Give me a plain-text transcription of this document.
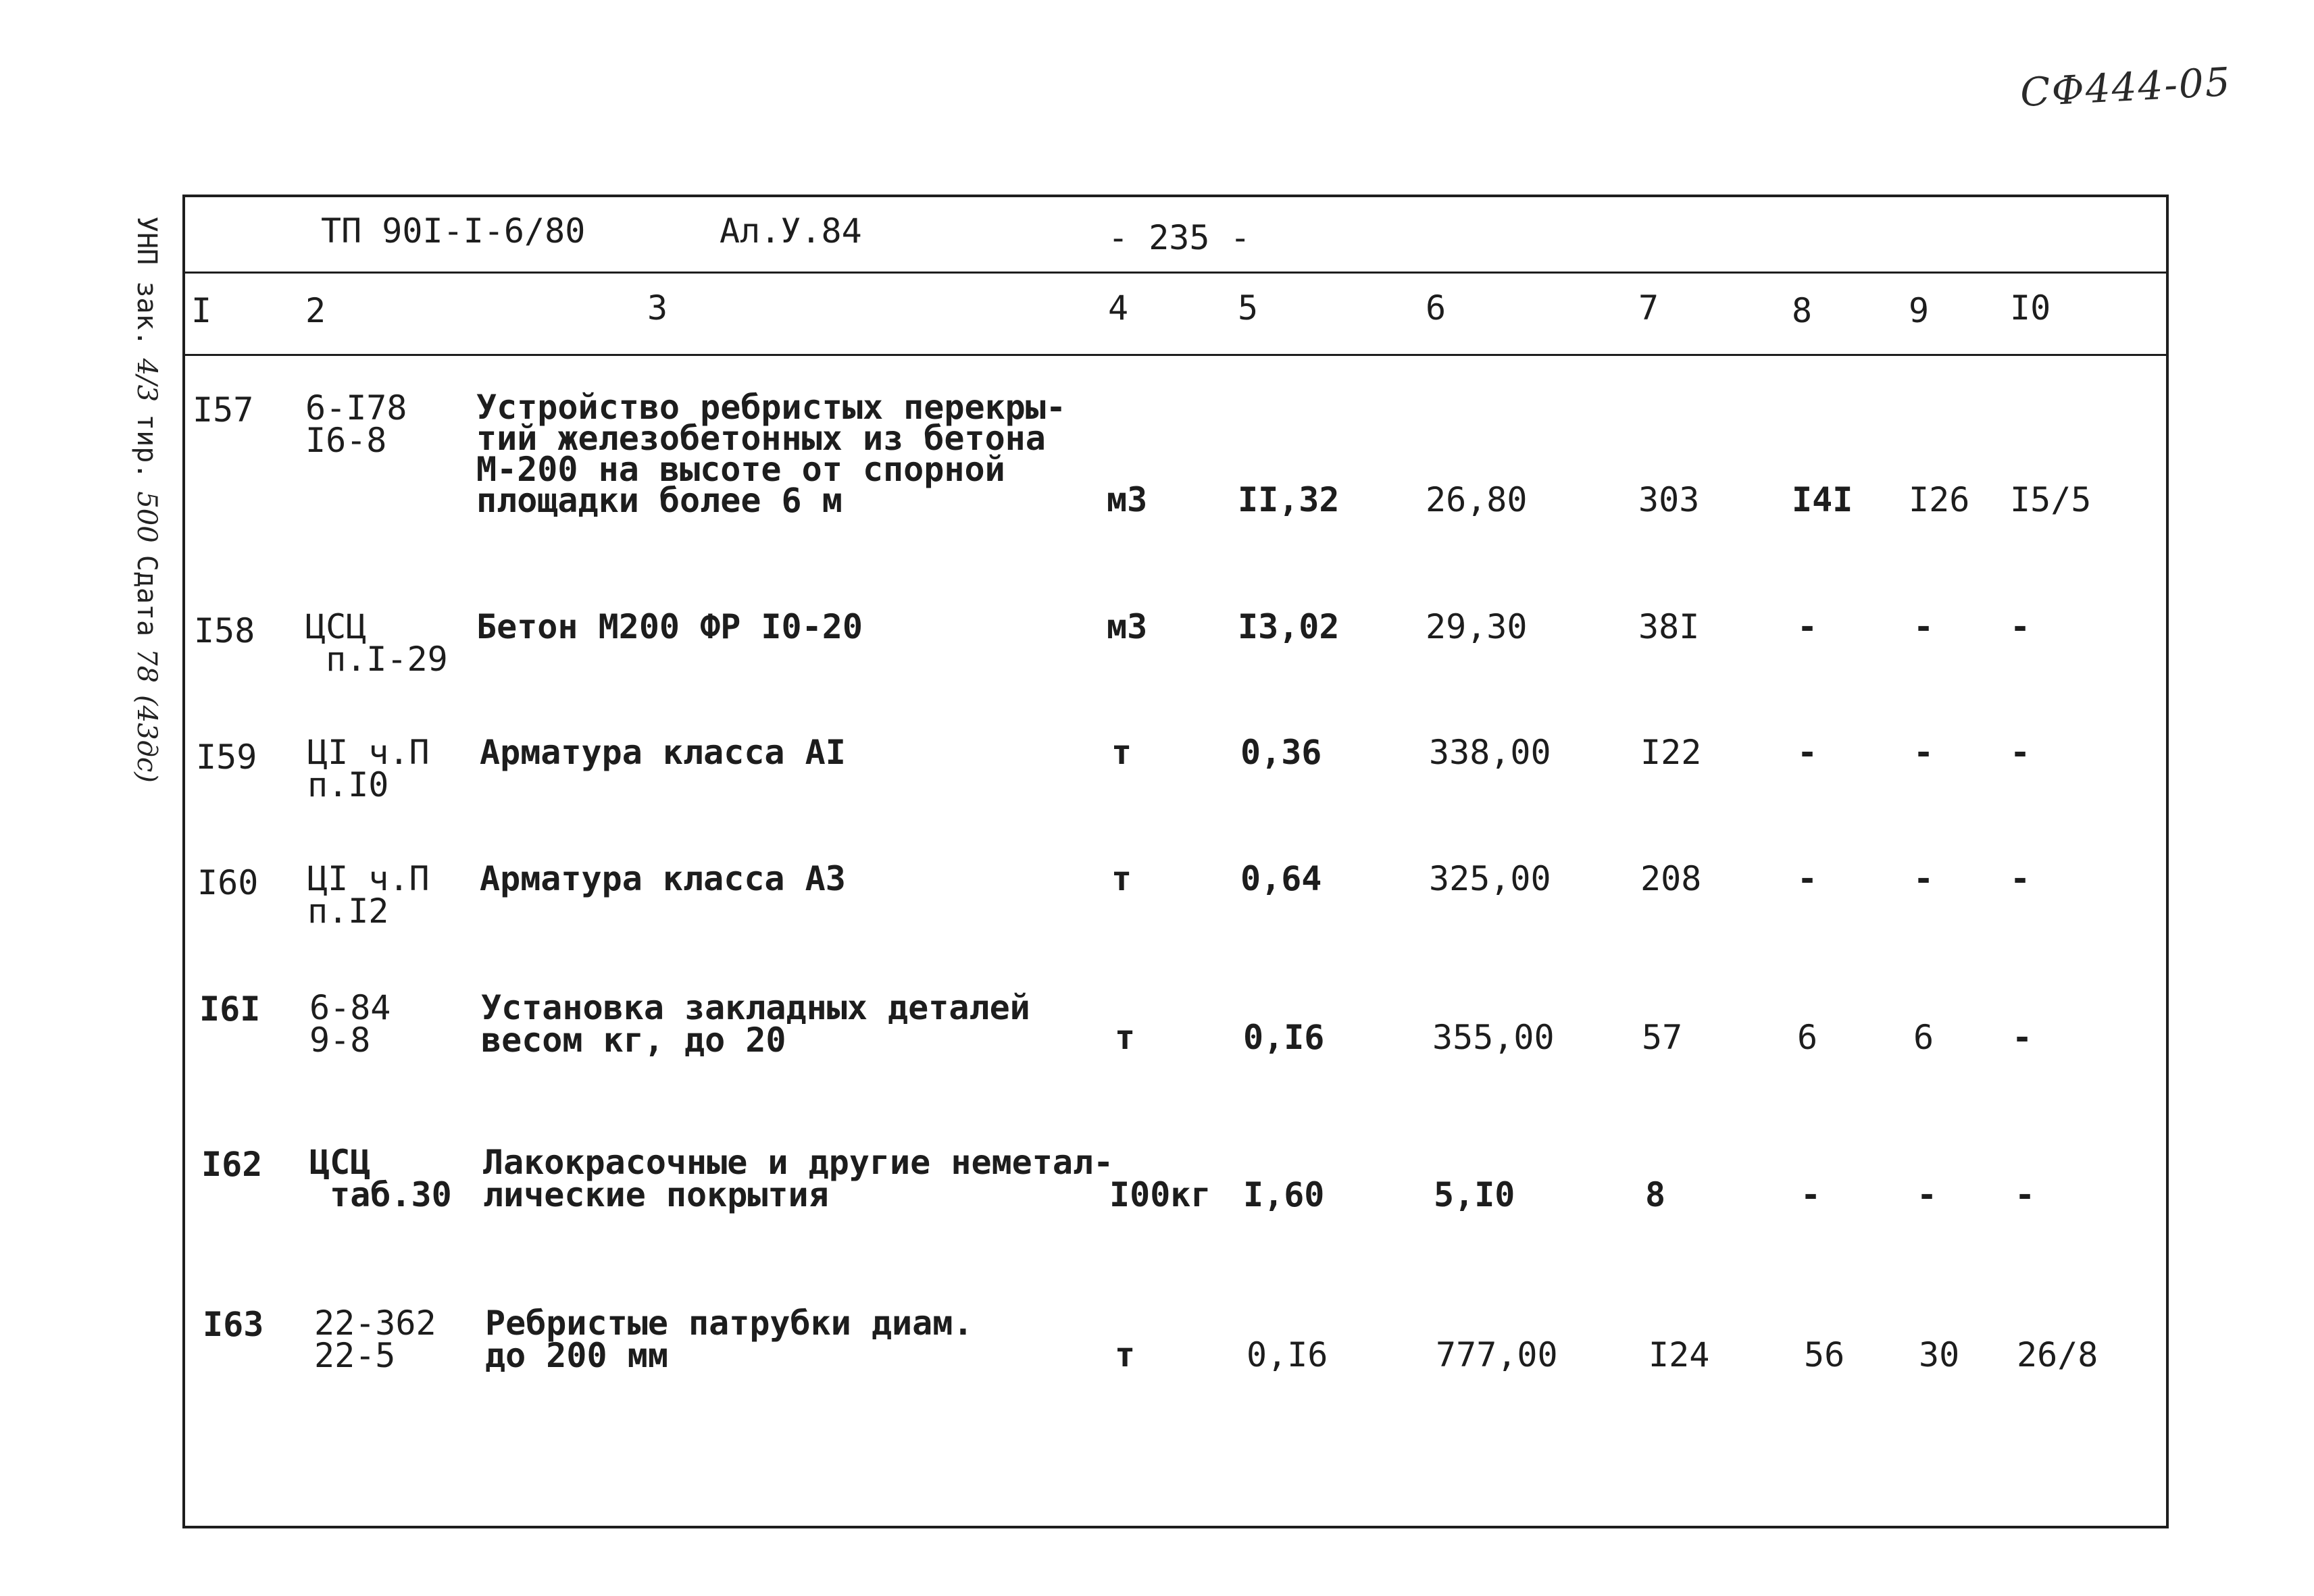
СФ444-05
УНП зак.4/3тир.500Сдата78(43дс)
ТП 90I-I-6/80	Ал.У.84	- 235 -
I	2	3	4	5	6	7	8	9 I0
I57 6-I78
I6-8
Устройство ребристых перекры-
тий железобетонных из бетона
М-200 на высоте от спорной
площадки более 6 м	м3	II,32	26,80	303	I4I I26 I5/5
I58 ЦСЦ
п.I-29
Бетон М200 ФР I0-20	м3	I3,02	29,30	38I	-	- -
I59 ЦI ч.П
п.I0
Арматура класса АI	т	0,36	338,00	I22	-	- -
I60 ЦI ч.П
п.I2
Арматура класса А3	т	0,64	325,00	208	-	- -
I6I 6-84
9-8
Установка закладных деталей
весом кг, до 20	т	0,I6	355,00	57	6	6 -
I62 ЦСЦ
таб.30
Лакокрасочные и другие неметал-
лические покрытия	I00кг I,60	5,I0	8	-	- -
I63 22-362
22-5
Ребристые патрубки диам.
до 200 мм	т	0,I6	777,00	I24	56 30 26/8
